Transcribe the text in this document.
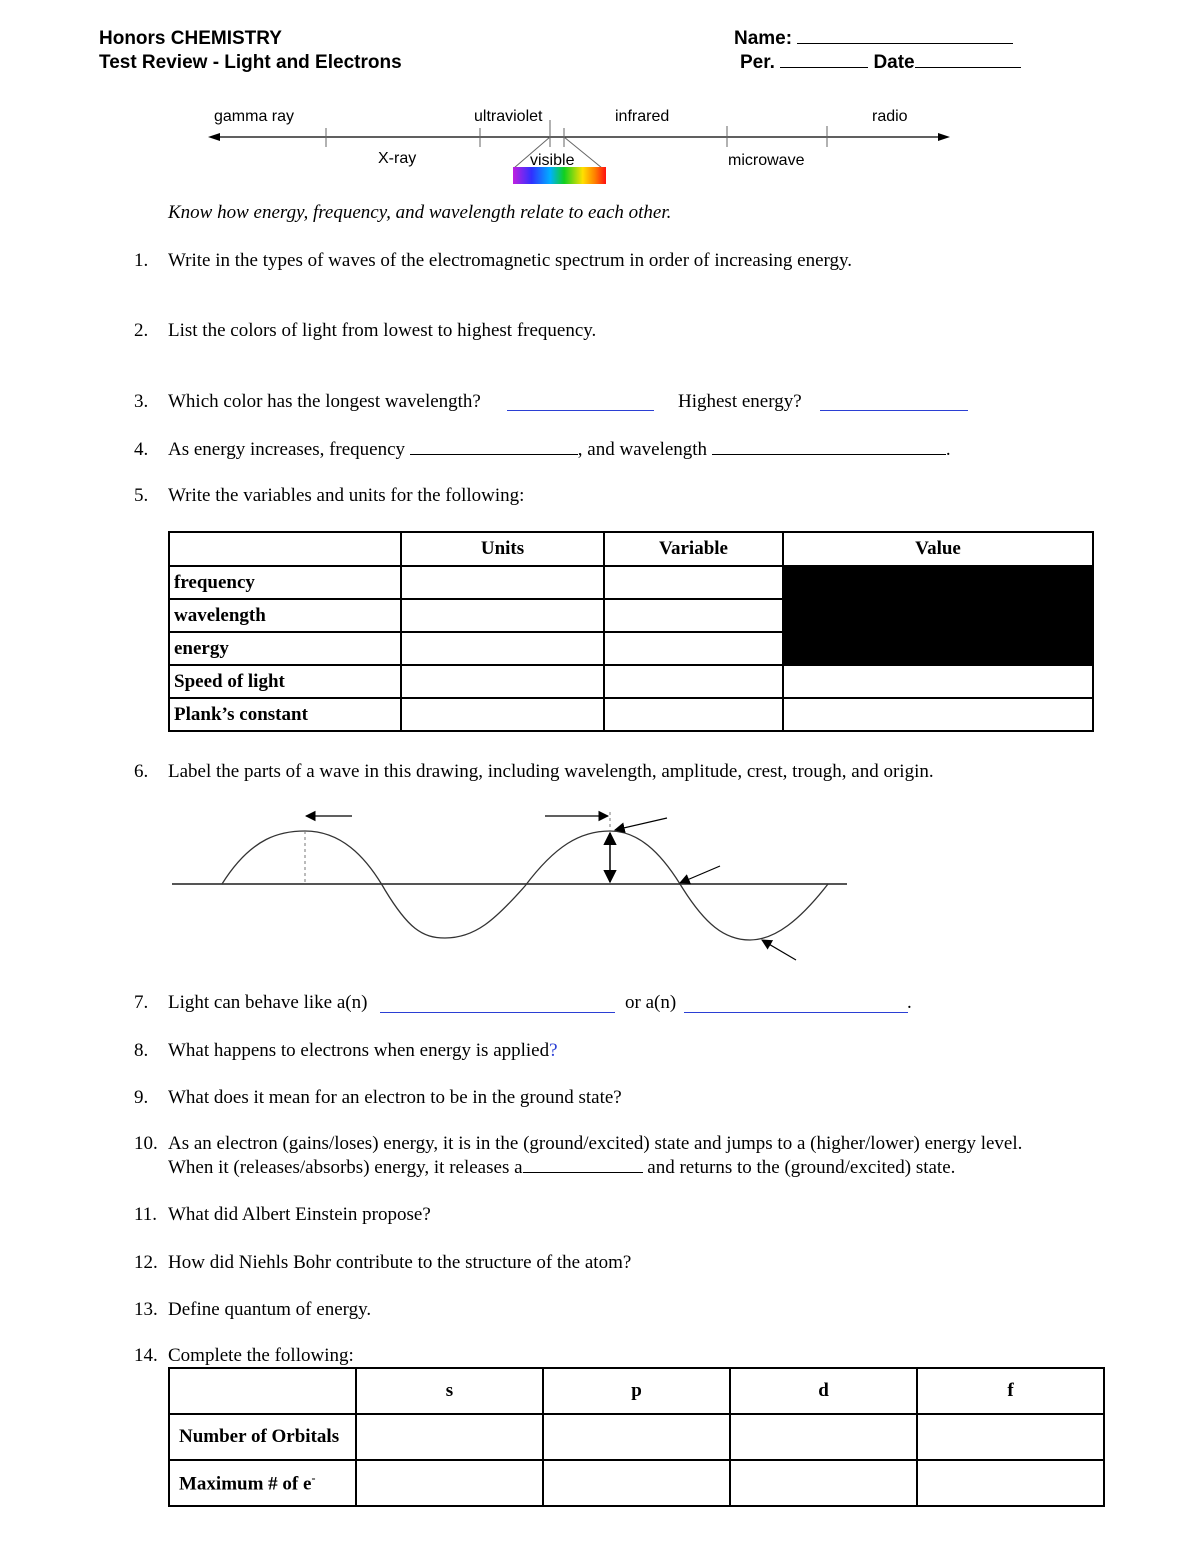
Honors CHEMISTRY
Test Review - Light and Electrons
Name:
Per.	Date
gamma ray	ultraviolet	infrared	radio
X-ray	visible	microwave
Know how energy, frequency, and wavelength relate to each other.
1.	Write in the types of waves of the electromagnetic spectrum in order of increasing energy.
2.	List the colors of light from lowest to highest frequency.
3.	Which color has the longest wavelength?	Highest energy?
4.	As energy increases, frequency	, and wavelength	.
5.	Write the variables and units for the following:
	Units	Variable	Value
frequency			
wavelength			
energy			
Speed of light			
Plank’s constant			
6.	Label the parts of a wave in this drawing, including wavelength, amplitude, crest, trough, and origin.
7.	Light can behave like a(n)	or a(n)	.
8.	What happens to electrons when energy is applied?
9.	What does it mean for an electron to be in the ground state?
10. As an electron (gains/loses) energy, it is in the (ground/excited) state and jumps to a (higher/lower) energy level.
When it (releases/absorbs) energy, it releases a	and returns to the (ground/excited) state.
11. What did Albert Einstein propose?
12. How did Niehls Bohr contribute to the structure of the atom?
13. Define quantum of energy.
14. Complete the following:
	s	p	d	f
Number of Orbitals				
Maximum # of e-				
